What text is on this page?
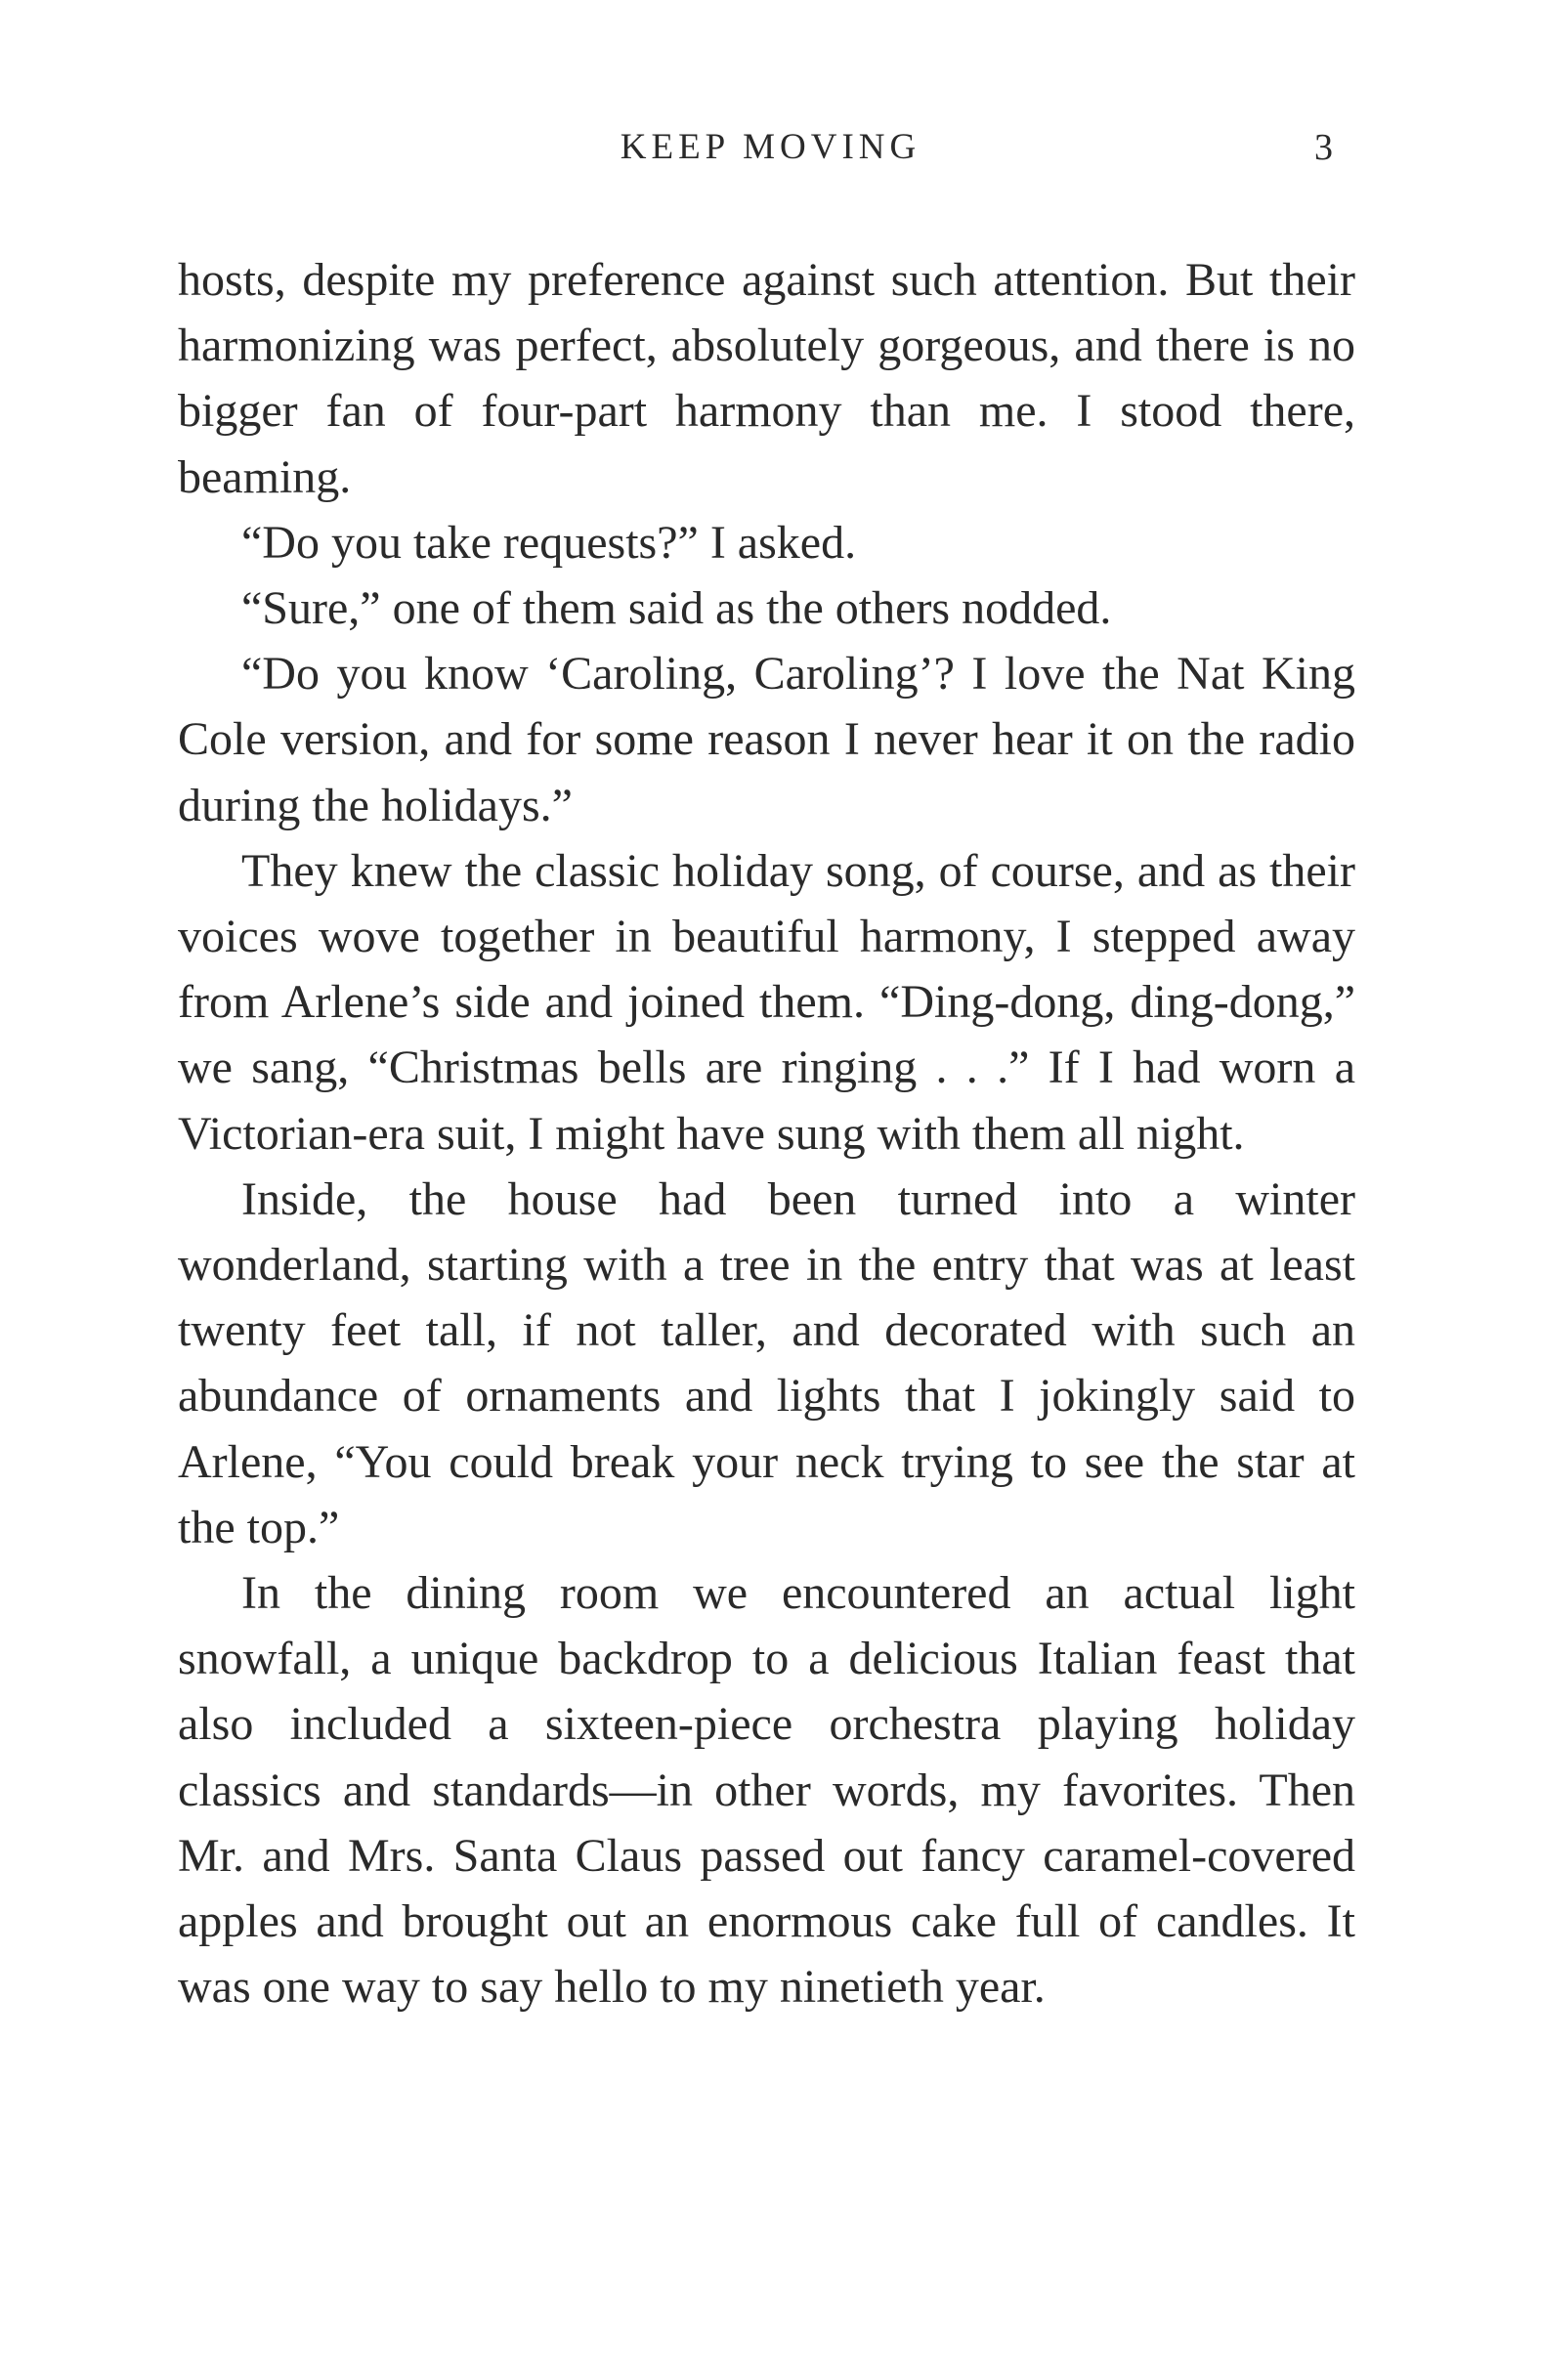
KEEP MOVING	3

hosts, despite my preference against such attention. But their harmonizing was perfect, absolutely gorgeous, and there is no bigger fan of four-part harmony than me. I stood there, beaming.

“Do you take requests?” I asked.

“Sure,” one of them said as the others nodded.

“Do you know ‘Caroling, Caroling’? I love the Nat King Cole version, and for some reason I never hear it on the radio during the holidays.”

They knew the classic holiday song, of course, and as their voices wove together in beautiful harmony, I stepped away from Arlene’s side and joined them. “Ding-dong, ding-dong,” we sang, “Christmas bells are ringing . . .” If I had worn a Victorian-era suit, I might have sung with them all night.

Inside, the house had been turned into a winter wonderland, starting with a tree in the entry that was at least twenty feet tall, if not taller, and decorated with such an abundance of ornaments and lights that I jokingly said to Arlene, “You could break your neck trying to see the star at the top.”

In the dining room we encountered an actual light snowfall, a unique backdrop to a delicious Italian feast that also included a sixteen-piece orchestra playing holiday classics and standards—in other words, my favorites. Then Mr. and Mrs. Santa Claus passed out fancy caramel-covered apples and brought out an enormous cake full of candles. It was one way to say hello to my ninetieth year.
